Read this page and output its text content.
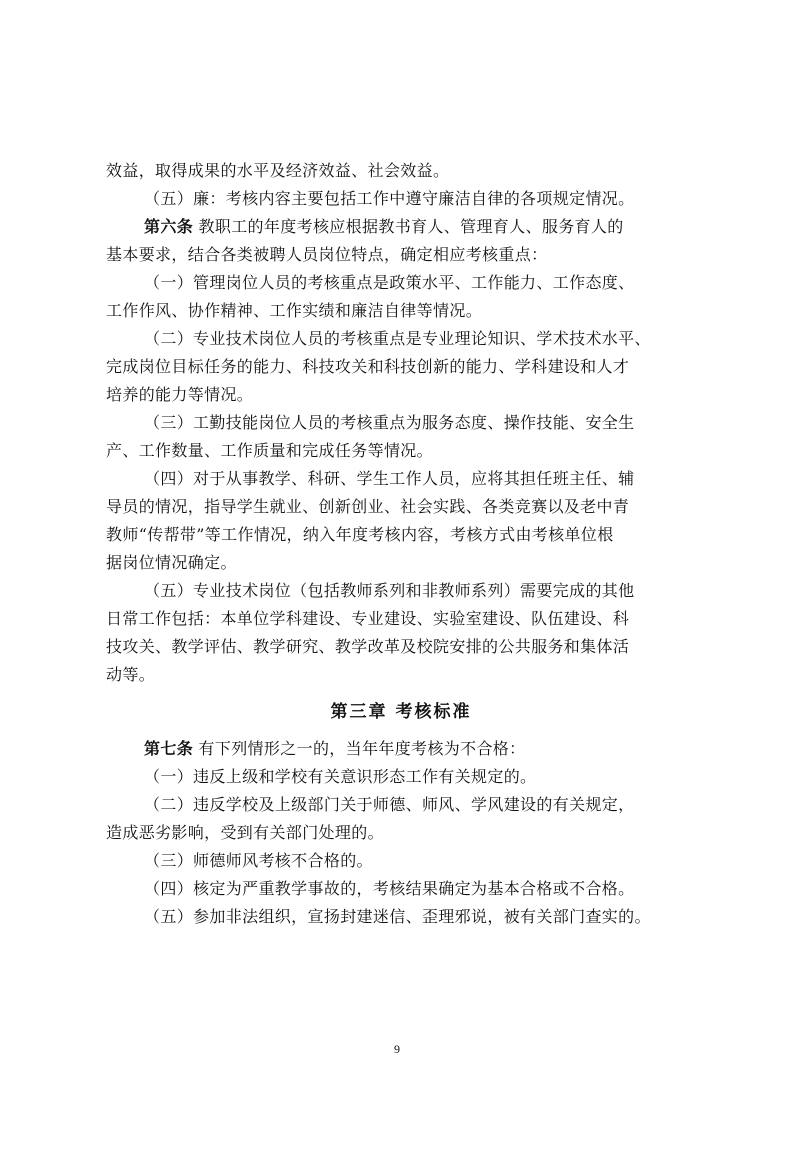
效益，取得成果的水平及经济效益、社会效益。
（五）廉：考核内容主要包括工作中遵守廉洁自律的各项规定情况。
第六条 教职工的年度考核应根据教书育人、管理育人、服务育人的
基本要求，结合各类被聘人员岗位特点，确定相应考核重点：
（一）管理岗位人员的考核重点是政策水平、工作能力、工作态度、
工作作风、协作精神、工作实绩和廉洁自律等情况。
（二）专业技术岗位人员的考核重点是专业理论知识、学术技术水平、
完成岗位目标任务的能力、科技攻关和科技创新的能力、学科建设和人才
培养的能力等情况。
（三）工勤技能岗位人员的考核重点为服务态度、操作技能、安全生
产、工作数量、工作质量和完成任务等情况。
（四）对于从事教学、科研、学生工作人员，应将其担任班主任、辅
导员的情况，指导学生就业、创新创业、社会实践、各类竞赛以及老中青
教师“传帮带”等工作情况，纳入年度考核内容，考核方式由考核单位根
据岗位情况确定。
（五）专业技术岗位（包括教师系列和非教师系列）需要完成的其他
日常工作包括：本单位学科建设、专业建设、实验室建设、队伍建设、科
技攻关、教学评估、教学研究、教学改革及校院安排的公共服务和集体活
动等。
第三章 考核标准
第七条 有下列情形之一的，当年年度考核为不合格：
（一）违反上级和学校有关意识形态工作有关规定的。
（二）违反学校及上级部门关于师德、师风、学风建设的有关规定，
造成恶劣影响，受到有关部门处理的。
（三）师德师风考核不合格的。
（四）核定为严重教学事故的，考核结果确定为基本合格或不合格。
（五）参加非法组织，宣扬封建迷信、歪理邪说，被有关部门查实的。
9
